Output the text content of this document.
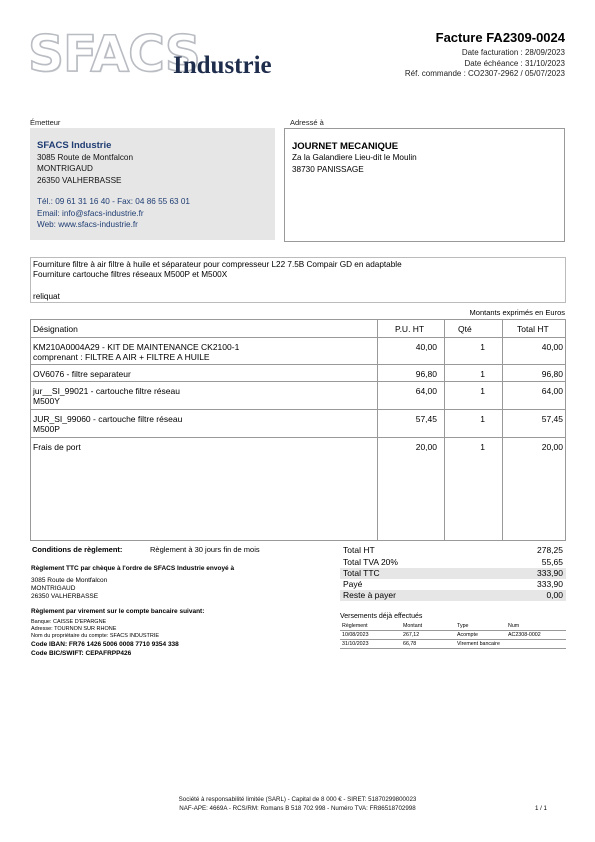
SFACS
Industrie
Facture FA2309-0024
Date facturation : 28/09/2023
Date échéance : 31/10/2023
Réf. commande : CO2307-2962 / 05/07/2023
Émetteur	Adressé à
SFACS Industrie
3085 Route de Montfalcon
MONTRIGAUD
26350 VALHERBASSE
Tél.: 09 61 31 16 40 - Fax: 04 86 55 63 01
Email: info@sfacs-industrie.fr
Web: www.sfacs-industrie.fr
JOURNET MECANIQUE
Za la Galandiere Lieu-dit le Moulin
38730 PANISSAGE
Fourniture filtre à air filtre à huile et séparateur pour compresseur L22 7.5B Compair GD en adaptable
Fourniture cartouche filtres réseaux M500P et M500X
reliquat
Montants exprimés en Euros
Désignation	P.U. HT	Qté	Total HT
KM210A0004A29 - KIT DE MAINTENANCE CK2100-1
comprenant : FILTRE A AIR + FILTRE A HUILE
40,00	1	40,00
OV6076 - filtre separateur	96,80	1	96,80
jur__SI_99021 - cartouche filtre réseau
M500Y
64,00	1	64,00
JUR_SI_99060 - cartouche filtre réseau
M500P
57,45	1	57,45
Frais de port	20,00	1	20,00
Conditions de règlement:	Règlement à 30 jours fin de mois
Règlement TTC par chèque à l'ordre de SFACS Industrie envoyé à
3085 Route de Montfalcon
MONTRIGAUD
26350 VALHERBASSE
Règlement par virement sur le compte bancaire suivant:
Banque: CAISSE D'EPARGNE
Adresse: TOURNON SUR RHONE
Nom du propriétaire du compte: SFACS INDUSTRIE
Code IBAN: FR76 1426 5006 0008 7710 9354 338
Code BIC/SWIFT: CEPAFRPP426
Total HT	278,25
Total TVA 20%	55,65
Total TTC	333,90
Payé	333,90
Reste à payer	0,00
Versements déjà effectués
Règlement	Montant	Type	Num
10/08/2023	267,12	Acompte	AC2308-0002
31/10/2023	66,78	Virement bancaire
Société à responsabilité limitée (SARL) - Capital de 8 000 € - SIRET: 51870299800023
NAF-APE: 4669A - RCS/RM: Romans B 518 702 998 - Numéro TVA: FR86518702998	1 / 1
